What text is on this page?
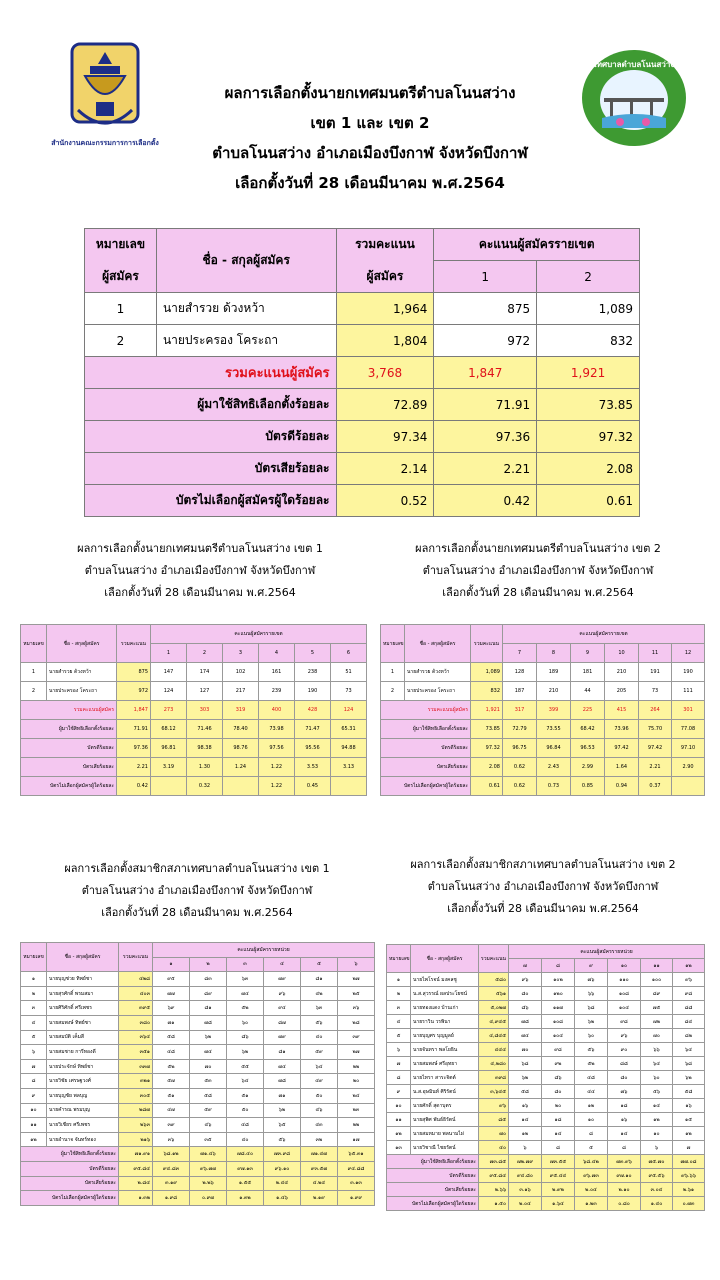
สำนักงานคณะกรรมการการเลือกตั้ง
เทศบาลตำบลโนนสว่าง
ผลการเลือกตั้งนายกเทศมนตรีตำบลโนนสว่าง
เขต 1 และ เขต 2
ตำบลโนนสว่าง อำเภอเมืองบึงกาฬ จังหวัดบึงกาฬ
เลือกตั้งวันที่ 28 เดือนมีนาคม พ.ศ.2564
หมายเลข	ชื่อ - สกุลผู้สมัคร	รวมคะแนน	คะแนนผู้สมัครรายเขต	
ผู้สมัคร		ผู้สมัคร	1	2
1	นายสำรวย ด้วงหว้า	1,964	875	1,089
2	นายประครอง โคระถา	1,804	972	832
รวมคะแนนผู้สมัคร		3,768	1,847	1,921
ผู้มาใช้สิทธิเลือกตั้งร้อยละ		72.89	71.91	73.85
บัตรดีร้อยละ		97.34	97.36	97.32
บัตรเสียร้อยละ		2.14	2.21	2.08
บัตรไม่เลือกผู้สมัครผู้ใดร้อยละ		0.52	0.42	0.61
ผลการเลือกตั้งนายกเทศมนตรีตำบลโนนสว่าง เขต 1
ตำบลโนนสว่าง อำเภอเมืองบึงกาฬ จังหวัดบึงกาฬ
เลือกตั้งวันที่ 28 เดือนมีนาคม พ.ศ.2564
ผลการเลือกตั้งนายกเทศมนตรีตำบลโนนสว่าง เขต 2
ตำบลโนนสว่าง อำเภอเมืองบึงกาฬ จังหวัดบึงกาฬ
เลือกตั้งวันที่ 28 เดือนมีนาคม พ.ศ.2564
หมายเลข	ชื่อ - สกุลผู้สมัคร	รวมคะแนน	คะแนนผู้สมัครรายเขต					
			1	2	3	4	5	6
1	นายสำรวย ด้วงหว้า	875	147	174	102	161	238	51
2	นายประครอง โคระถา	972	124	127	217	239	190	73
รวมคะแนนผู้สมัคร		1,847	273	303	319	400	428	124
ผู้มาใช้สิทธิเลือกตั้งร้อยละ		71.91	68.12	71.46	78.40	73.98	71.47	65.31
บัตรดีร้อยละ		97.36	96.81	98.38	98.76	97.56	95.56	94.88
บัตรเสียร้อยละ		2.21	3.19	1.30	1.24	1.22	3.53	3.13
บัตรไม่เลือกผู้สมัครผู้ใดร้อยละ		0.42		0.32		1.22	0.45	
หมายเลข	ชื่อ - สกุลผู้สมัคร	รวมคะแนน	คะแนนผู้สมัครรายเขต					
			7	8	9	10	11	12
1	นายสำรวย ด้วงหว้า	1,089	128	189	181	210	191	190
2	นายประครอง โคระถา	832	187	210	44	205	73	111
รวมคะแนนผู้สมัคร		1,921	317	399	225	415	264	301
ผู้มาใช้สิทธิเลือกตั้งร้อยละ		73.85	72.79	73.55	68.42	73.96	75.70	77.08
บัตรดีร้อยละ		97.32	96.75	96.84	96.53	97.42	97.42	97.10
บัตรเสียร้อยละ		2.08	0.62	2.43	2.99	1.64	2.21	2.90
บัตรไม่เลือกผู้สมัครผู้ใดร้อยละ		0.61	0.62	0.73	0.85	0.94	0.37	
ผลการเลือกตั้งสมาชิกสภาเทศบาลตำบลโนนสว่าง เขต 1
ตำบลโนนสว่าง อำเภอเมืองบึงกาฬ จังหวัดบึงกาฬ
เลือกตั้งวันที่ 28 เดือนมีนาคม พ.ศ.2564
ผลการเลือกตั้งสมาชิกสภาเทศบาลตำบลโนนสว่าง เขต 2
ตำบลโนนสว่าง อำเภอเมืองบึงกาฬ จังหวัดบึงกาฬ
เลือกตั้งวันที่ 28 เดือนมีนาคม พ.ศ.2564
หมายเลข	ชื่อ - สกุลผู้สมัคร	รวมคะแนน	คะแนนผู้สมัครรายหน่วย					
			๑	๒	๓	๔	๕	๖
๑	นายบุญช่วย ทิพย์ชา	๔๒๘	๙๕	๘๓	๖๓	๗๙	๘๑	๒๗
๒	นายสุรศักดิ์ พรมสมา	๔๐๓	๗๗	๘๙	๗๔	๙๖	๔๒	๒๕
๓	นายศิริศักดิ์ ศรีเพชร	๓๙๕	๖๙	๘๑	๕๒	๙๔	๖๓	๓๖
๔	นายสมพงษ์ ทิพย์ชา	๓๘๐	๗๑	๗๘	๖๐	๘๗	๕๖	๒๘
๕	นายสมบัติ เค็มสี	๓๖๔	๕๘	๖๒	๘๖	๗๙	๔๐	๓๙
๖	นายสมชาย การีทองดี	๓๕๑	๔๘	๗๔	๖๒	๘๑	๕๙	๒๗
๗	นายประจักษ์ ทิพย์ชา	๓๓๗	๕๒	๗๐	๕๕	๗๔	๖๔	๒๒
๘	นายวิชัย เศรษฐวงศ์	๓๒๑	๕๗	๕๓	๖๔	๗๘	๔๙	๒๐
๙	นายบุญชัย พลบุญ	๓๐๕	๕๑	๕๘	๕๑	๗๑	๕๐	๒๔
๑๐	นายคำรณ พรมบุญ	๒๘๗	๔๗	๕๙	๕๐	๖๒	๔๖	๒๓
๑๑	นายวิเชียร ศรีเพชร	๒๖๓	๓๙	๔๖	๔๘	๖๕	๔๓	๒๒
๑๒	นายอำนาจ จันทร์ทอง	๒๑๖	๓๖	๓๕	๔๐	๕๖	๓๒	๑๗
ผู้มาใช้สิทธิเลือกตั้งร้อยละ		๗๑.๙๑	๖๘.๑๒	๗๑.๔๖	๗๘.๔๐	๗๓.๙๘	๗๑.๔๗	๖๕.๓๑
บัตรดีร้อยละ		๙๕.๘๔	๙๔.๘๓	๙๖.๗๗	๙๗.๑๓	๙๖.๑๐	๙๓.๕๗	๙๔.๘๘
บัตรเสียร้อยละ		๒.๘๔	๓.๑๙	๒.๒๖	๑.๕๕	๒.๔๔	๔.๒๔	๓.๑๓
บัตรไม่เลือกผู้สมัครผู้ใดร้อยละ		๑.๓๒	๑.๙๘	๐.๙๗	๑.๓๒	๑.๔๖	๒.๑๙	๑.๙๙
หมายเลข	ชื่อ - สกุลผู้สมัคร	รวมคะแนน	คะแนนผู้สมัครรายหน่วย					
			๗	๘	๙	๑๐	๑๑	๑๒
๑	นายไพโรจน์ มงคลชู	๕๘๐	๙๖	๑๐๒	๗๖	๑๑๐	๑๐๐	๙๖
๒	น.ส.สุวรรณ์ ผลประโยชน์	๕๖๑	๘๐	๑๒๐	๖๖	๑๐๘	๘๙	๙๘
๓	นายทองแดง บ้านเก่า	๕,๐๒๗	๘๖	๑๑๗	๖๘	๑๐๔	๗๕	๘๘
๔	นายราวิน วรพินา	๔,๙๔๕	๗๘	๑๐๘	๖๒	๙๘	๗๒	๘๔
๕	นายบุญศร บุญมูลย์	๔,๘๔๕	๗๔	๑๐๔	๖๐	๙๖	๗๐	๘๒
๖	นายจันทรา พลโยธิน	๔๔๔	๗๐	๙๘	๕๖	๙๐	๖๖	๖๔
๗	นายสมพงษ์ ศรีอุทยา	๔,๒๘๐	๖๘	๙๒	๕๒	๘๘	๖๔	๖๘
๘	นายไทรา สาระจิตต์	๓๙๘	๖๒	๘๖	๔๘	๘๐	๖๐	๖๒
๙	น.ส.อุษมินท์ ศิริรัตน์	๓,๖๔๕	๕๘	๘๐	๔๔	๗๖	๕๖	๕๘
๑๐	นายศักดิ์ สุดาบุตร	๙๖	๑๖	๒๐	๑๒	๑๘	๑๔	๑๖
๑๑	นายสุพิศ พันธ์ธิรัตน์	๘๕	๑๔	๑๘	๑๐	๑๖	๑๒	๑๕
๑๒	นายสมหมาย พลนามไผ่	๗๐	๑๒	๑๔	๘	๑๔	๑๐	๑๒
๑๓	นายวิชาณี ไชยรัตน์	๔๐	๖	๘	๕	๘	๖	๗
ผู้มาใช้สิทธิเลือกตั้งร้อยละ		๗๓.๘๕	๗๒.๗๙	๗๓.๕๕	๖๘.๔๒	๗๓.๙๖	๗๕.๗๐	๗๗.๐๘
บัตรดีร้อยละ		๙๕.๘๔	๙๔.๘๐	๙๕.๔๔	๙๖.๗๓	๙๗.๑๐	๙๕.๕๖	๙๖.๖๖
บัตรเสียร้อยละ		๒.๖๖	๓.๑๖	๒.๙๒	๒.๐๔	๒.๑๐	๓.๐๔	๒.๖๑
บัตรไม่เลือกผู้สมัครผู้ใดร้อยละ		๑.๕๐	๒.๐๔	๑.๖๔	๑.๒๓	๐.๘๐	๑.๔๐	๐.๗๓
